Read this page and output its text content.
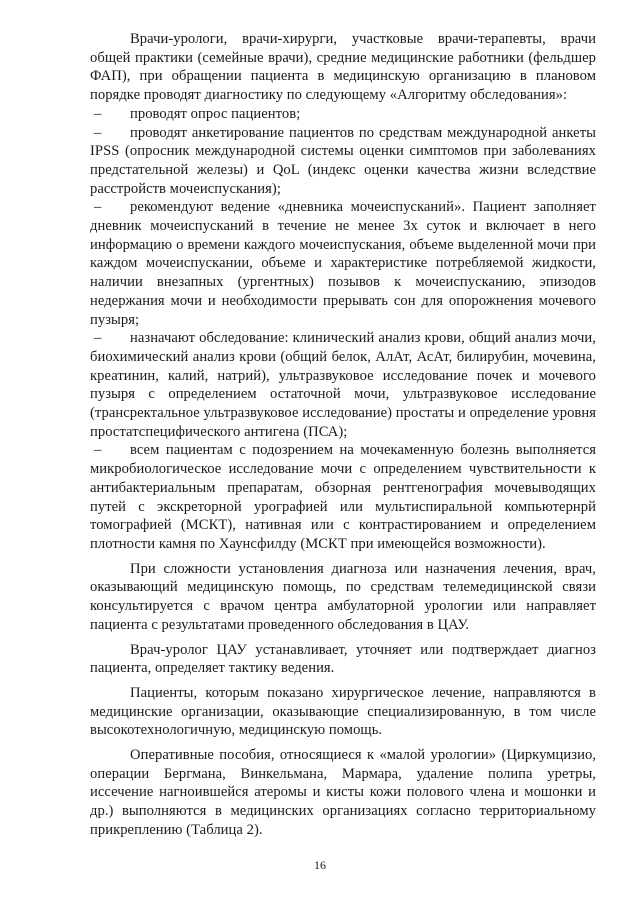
Врачи-урологи, врачи-хирурги, участковые врачи-терапевты, врачи общей практики (семейные врачи), средние медицинские работники (фельдшер ФАП), при обращении пациента в медицинскую организацию в плановом порядке проводят диагностику по следующему «Алгоритму обследования»:

– проводят опрос пациентов;

– проводят анкетирование пациентов по средствам международной анкеты IPSS (опросник международной системы оценки симптомов при заболеваниях предстательной железы) и QoL (индекс оценки качества жизни вследствие расстройств мочеиспускания);

– рекомендуют ведение «дневника мочеиспусканий». Пациент заполняет дневник мочеиспусканий в течение не менее 3х суток и включает в него информацию о времени каждого мочеиспускания, объеме выделенной мочи при каждом мочеиспускании, объеме и характеристике потребляемой жидкости, наличии внезапных (ургентных) позывов к мочеиспусканию, эпизодов недержания мочи и необходимости прерывать сон для опорожнения мочевого пузыря;

– назначают обследование: клинический анализ крови, общий анализ мочи, биохимический анализ крови (общий белок, АлАт, АсАт, билирубин, мочевина, креатинин, калий, натрий), ультразвуковое исследование почек и мочевого пузыря с определением остаточной мочи, ультразвуковое исследование (трансректальное ультразвуковое исследование) простаты и определение уровня простатспецифического антигена (ПСА);

– всем пациентам с подозрением на мочекаменную болезнь выполняется микробиологическое исследование мочи с определением чувствительности к антибактериальным препаратам, обзорная рентгенография мочевыводящих путей с экскреторной урографией или мультиспиральной компьютернрй томографией (МСКТ), нативная или с контрастированием и определением плотности камня по Хаунсфилду (МСКТ при имеющейся возможности).

При сложности установления диагноза или назначения лечения, врач, оказывающий медицинскую помощь, по средствам телемедицинской связи консультируется с врачом центра амбулаторной урологии или направляет пациента с результатами проведенного обследования в ЦАУ.

Врач-уролог ЦАУ устанавливает, уточняет или подтверждает диагноз пациента, определяет тактику ведения.

Пациенты, которым показано хирургическое лечение, направляются в медицинские организации, оказывающие специализированную, в том числе высокотехнологичную, медицинскую помощь.

Оперативные пособия, относящиеся к «малой урологии» (Циркумцизио, операции Бергмана, Винкельмана, Мармара, удаление полипа уретры, иссечение нагноившейся атеромы и кисты кожи полового члена и мошонки и др.) выполняются в медицинских организациях согласно территориальному прикреплению (Таблица 2).

16
